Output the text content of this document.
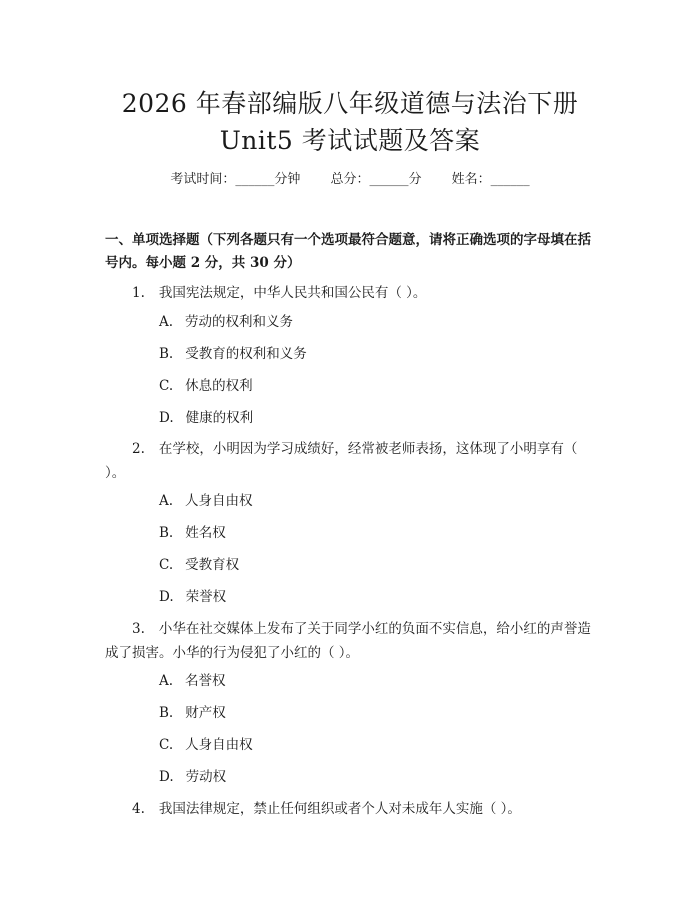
2026 年春部编版八年级道德与法治下册
Unit5 考试试题及答案
考试时间：______分钟 总分：______分 姓名：______

一、单项选择题（下列各题只有一个选项最符合题意，请将正确选项的字母填在括号内。每小题 2 分，共 30 分）

1. 我国宪法规定，中华人民共和国公民有（ ）。

A. 劳动的权利和义务

B. 受教育的权利和义务

C. 休息的权利

D. 健康的权利

2. 在学校，小明因为学习成绩好，经常被老师表扬，这体现了小明享有（ ）。

A. 人身自由权

B. 姓名权

C. 受教育权

D. 荣誉权

3. 小华在社交媒体上发布了关于同学小红的负面不实信息，给小红的声誉造成了损害。小华的行为侵犯了小红的（ ）。

A. 名誉权

B. 财产权

C. 人身自由权

D. 劳动权

4. 我国法律规定，禁止任何组织或者个人对未成年人实施（ ）。
